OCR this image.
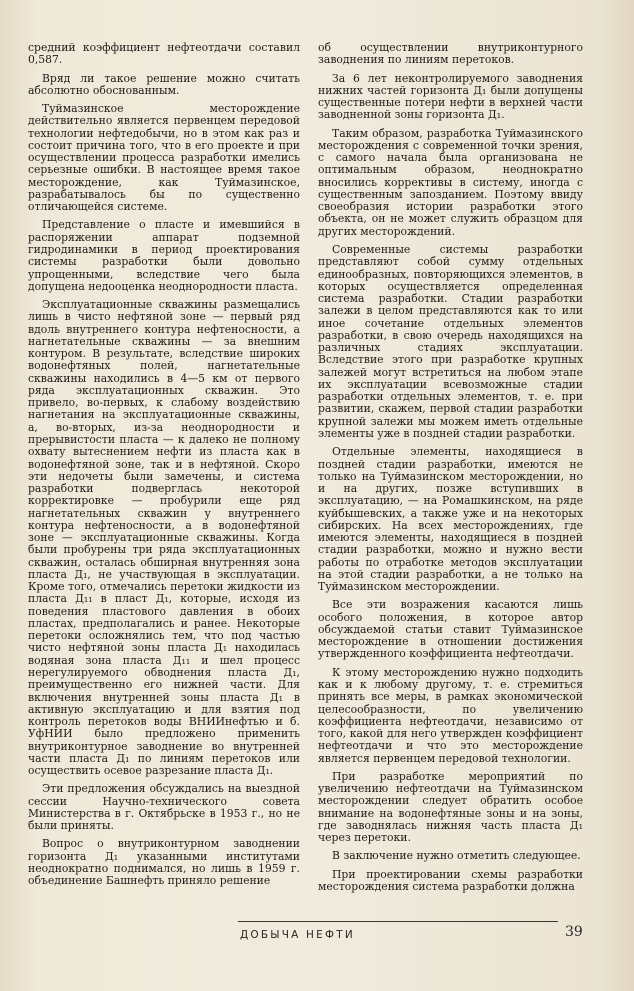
средний коэффициент нефтеотдачи составил 0,587.

Вряд ли такое решение можно считать абсолютно обоснованным.

Туймазинское месторождение действительно является первенцем передовой технологии нефтедобычи, но в этом как раз и состоит причина того, что в его проекте и при осуществлении процесса разработки имелись серьезные ошибки. В настоящее время такое месторождение, как Туймазинское, разрабатывалось бы по существенно отличающейся системе.

Представление о пласте и имевшийся в распоряжении аппарат подземной гидродинамики в период проектирования системы разработки были довольно упрощенными, вследствие чего была допущена недооценка неоднородности пласта.

Эксплуатационные скважины размещались лишь в чисто нефтяной зоне — первый ряд вдоль внутреннего контура нефтеносности, а нагнетательные скважины — за внешним контуром. В результате, вследствие широких водонефтяных полей, нагнетательные скважины находились в 4—5 км от первого ряда эксплуатационных скважин. Это привело, во-первых, к слабому воздействию нагнетания на эксплуатационные скважины, а, во-вторых, из-за неоднородности и прерывистости пласта — к далеко не полному охвату вытеснением нефти из пласта как в водонефтяной зоне, так и в нефтяной. Скоро эти недочеты были замечены, и система разработки подверглась некоторой корректировке — пробурили еще ряд нагнетательных скважин у внутреннего контура нефтеносности, а в водонефтяной зоне — эксплуатационные скважины. Когда были пробурены три ряда эксплуатационных скважин, осталась обширная внутренняя зона пласта Д₁, не участвующая в эксплуатации. Кроме того, отмечались перетоки жидкости из пласта Д₁₁ в пласт Д₁, которые, исходя из поведения пластового давления в обоих пластах, предполагались и ранее. Некоторые перетоки осложнялись тем, что под частью чисто нефтяной зоны пласта Д₁ находилась водяная зона пласта Д₁₁ и шел процесс нерегулируемого обводнения пласта Д₁, преимущественно его нижней части. Для включения внутренней зоны пласта Д₁ в активную эксплуатацию и для взятия под контроль перетоков воды ВНИИнефтью и б. УфНИИ было предложено применить внутриконтурное заводнение во внутренней части пласта Д₁ по линиям перетоков или осуществить осевое разрезание пласта Д₁.

Эти предложения обсуждались на выездной сессии Научно-технического совета Министерства в г. Октябрьске в 1953 г., но не были приняты.

Вопрос о внутриконтурном заводнении горизонта Д₁ указанными институтами неоднократно поднимался, но лишь в 1959 г. объединение Башнефть приняло решение

об осуществлении внутриконтурного заводнения по линиям перетоков.

За 6 лет неконтролируемого заводнения нижних частей горизонта Д₁ были допущены существенные потери нефти в верхней части заводненной зоны горизонта Д₁.

Таким образом, разработка Туймазинского месторождения с современной точки зрения, с самого начала была организована не оптимальным образом, неоднократно вносились коррективы в систему, иногда с существенным запозданием. Поэтому ввиду своеобразия истории разработки этого объекта, он не может служить образцом для других месторождений.

Современные системы разработки представляют собой сумму отдельных единообразных, повторяющихся элементов, в которых осуществляется определенная система разработки. Стадии разработки залежи в целом представляются как то или иное сочетание отдельных элементов разработки, в свою очередь находящихся на различных стадиях эксплуатации. Вследствие этого при разработке крупных залежей могут встретиться на любом этапе их эксплуатации всевозможные стадии разработки отдельных элементов, т. е. при развитии, скажем, первой стадии разработки крупной залежи мы можем иметь отдельные элементы уже в поздней стадии разработки.

Отдельные элементы, находящиеся в поздней стадии разработки, имеются не только на Туймазинском месторождении, но и на других, позже вступивших в эксплуатацию, — на Ромашкинском, на ряде куйбышевских, а также уже и на некоторых сибирских. На всех месторождениях, где имеются элементы, находящиеся в поздней стадии разработки, можно и нужно вести работы по отработке методов эксплуатации на этой стадии разработки, а не только на Туймазинском месторождении.

Все эти возражения касаются лишь особого положения, в которое автор обсуждаемой статьи ставит Туймазинское месторождение в отношении достижения утвержденного коэффициента нефтеотдачи.

К этому месторождению нужно подходить как и к любому другому, т. е. стремиться принять все меры, в рамках экономической целесообразности, по увеличению коэффициента нефтеотдачи, независимо от того, какой для него утвержден коэффициент нефтеотдачи и что это месторождение является первенцем передовой технологии.

При разработке мероприятий по увеличению нефтеотдачи на Туймазинском месторождении следует обратить особое внимание на водонефтяные зоны и на зоны, где заводнялась нижняя часть пласта Д₁ через перетоки.

В заключение нужно отметить следующее.

При проектировании схемы разработки месторождения система разработки должна

ДОБЫЧА НЕФТИ	39
